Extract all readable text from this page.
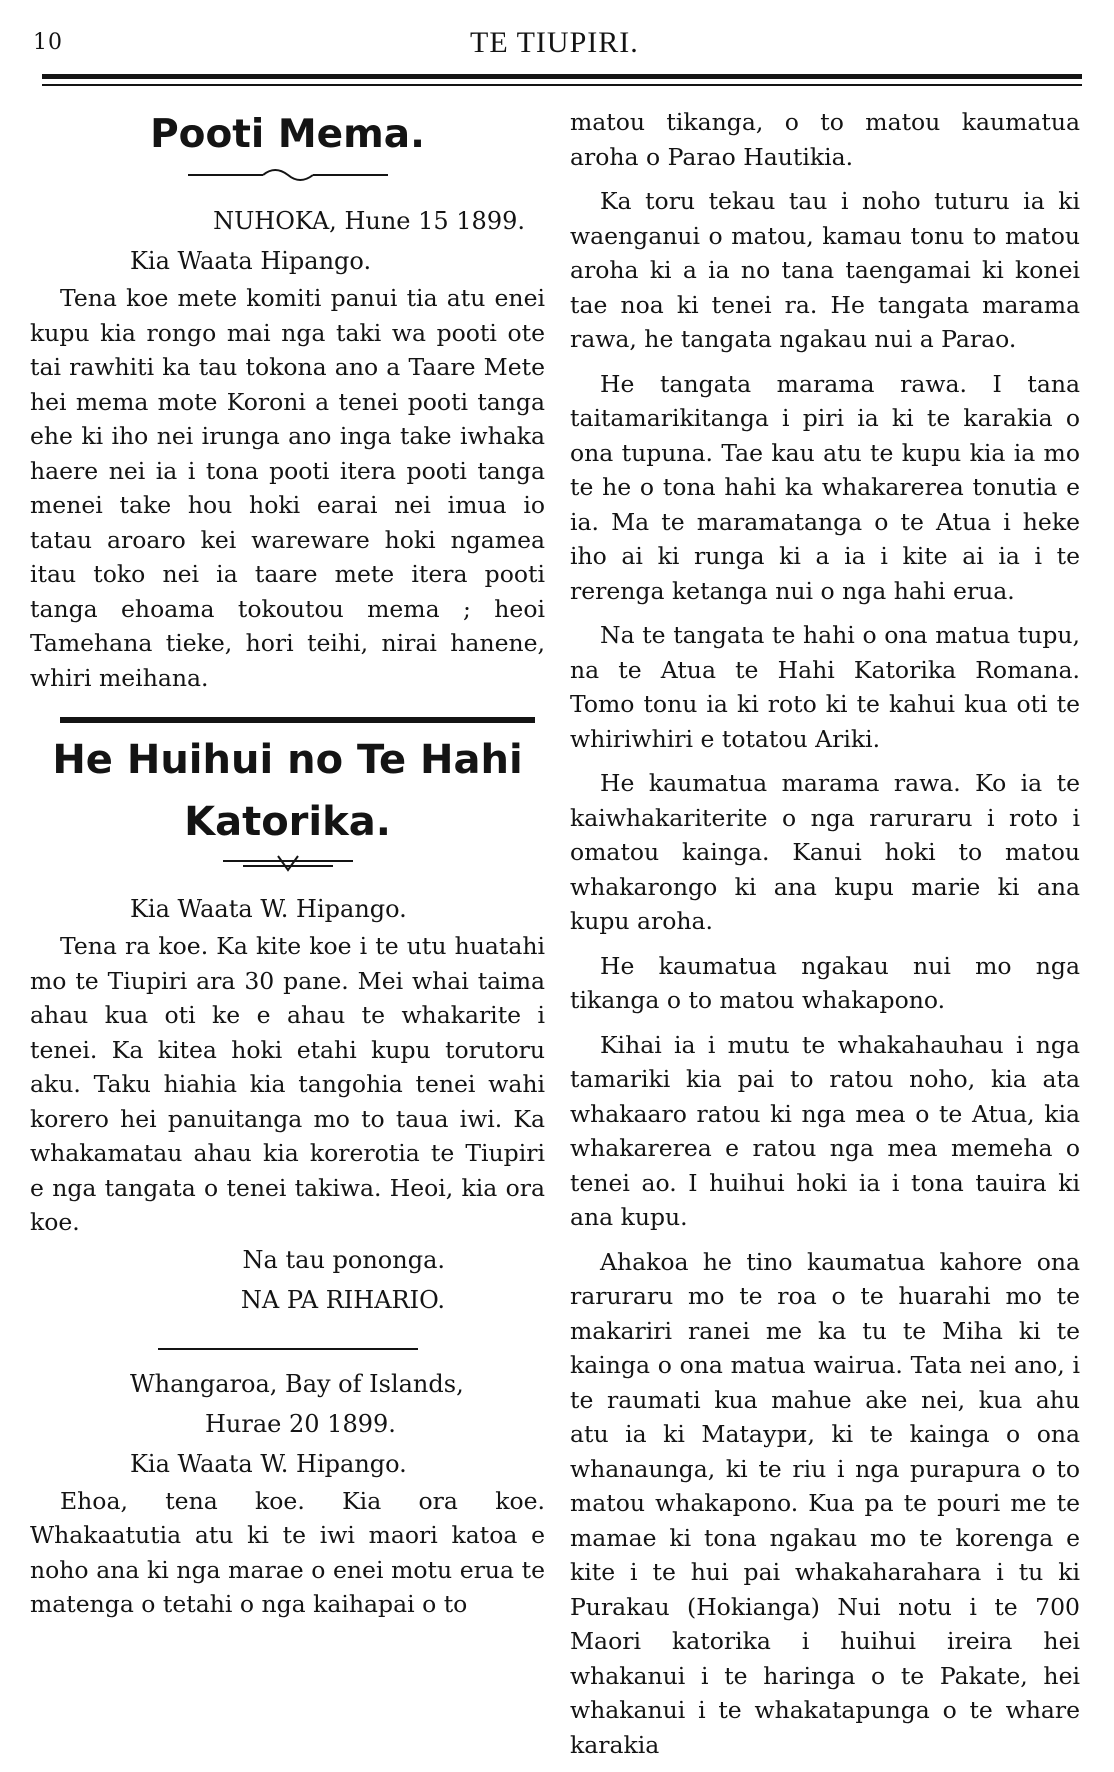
10	TE TIUPIRI.
Pooti Mema.

NUHOKA, Hune 15 1899.

Kia Waata Hipango.

Tena koe mete komiti panui tia atu enei kupu kia rongo mai nga taki wa pooti ote tai rawhiti ka tau tokona ano a Taare Mete hei mema mote Koroni a tenei pooti tanga ehe ki iho nei irunga ano inga take iwhaka haere nei ia i tona pooti itera pooti tanga menei take hou hoki earai nei imua io tatau aroaro kei wareware hoki ngamea itau toko nei ia taare mete itera pooti tanga ehoama tokoutou mema ; heoi Tamehana tieke, hori teihi, nirai hanene, whiri meihana.

He Huihui no Te Hahi
Katorika.

Kia Waata W. Hipango.

Tena ra koe. Ka kite koe i te utu huatahi mo te Tiupiri ara 30 pane. Mei whai taima ahau kua oti ke e ahau te whakarite i tenei. Ka kitea hoki etahi kupu torutoru aku. Taku hiahia kia tangohia tenei wahi korero hei panuitanga mo to taua iwi. Ka whakamatau ahau kia korerotia te Tiupiri e nga tangata o tenei takiwa. Heoi, kia ora koe.

Na tau pononga.

NA PA RIHARIO.

Whangaroa, Bay of Islands,

Hurae 20 1899.

Kia Waata W. Hipango.

Ehoa, tena koe. Kia ora koe. Whakaatutia atu ki te iwi maori katoa e noho ana ki nga marae o enei motu erua te matenga o tetahi o nga kaihapai o to

matou tikanga, o to matou kaumatua aroha o Parao Hautikia.

Ka toru tekau tau i noho tuturu ia ki waenganui o matou, kamau tonu to matou aroha ki a ia no tana taengamai ki konei tae noa ki tenei ra. He tangata marama rawa, he tangata ngakau nui a Parao.

He tangata marama rawa. I tana taitamarikitanga i piri ia ki te karakia o ona tupuna. Tae kau atu te kupu kia ia mo te he o tona hahi ka whakarerea tonutia e ia. Ma te maramatanga o te Atua i heke iho ai ki runga ki a ia i kite ai ia i te rerenga ketanga nui o nga hahi erua.

Na te tangata te hahi o ona matua tupu, na te Atua te Hahi Katorika Romana. Tomo tonu ia ki roto ki te kahui kua oti te whiriwhiri e totatou Ariki.

He kaumatua marama rawa. Ko ia te kaiwhakariterite o nga raruraru i roto i omatou kainga. Kanui hoki to matou whakarongo ki ana kupu marie ki ana kupu aroha.

He kaumatua ngakau nui mo nga tikanga o to matou whakapono.

Kihai ia i mutu te whakahauhau i nga tamariki kia pai to ratou noho, kia ata whakaaro ratou ki nga mea o te Atua, kia whakarerea e ratou nga mea memeha o tenei ao. I huihui hoki ia i tona tauira ki ana kupu.

Ahakoa he tino kaumatua kahore ona raruraru mo te roa o te huarahi mo te makariri ranei me ka tu te Miha ki te kainga o ona matua wairua. Tata nei ano, i te raumati kua mahue ake nei, kua ahu atu ia ki Mataури, ki te kainga o ona whanaunga, ki te riu i nga purapura o to matou whakapono. Kua pa te pouri me te mamae ki tona ngakau mo te korenga e kite i te hui pai whakaharahara i tu ki Purakau (Hokianga) Nui notu i te 700 Maori katorika i huihui ireira hei whakanui i te haringa o te Pakate, hei whakanui i te whakatapunga o te whare karakia
